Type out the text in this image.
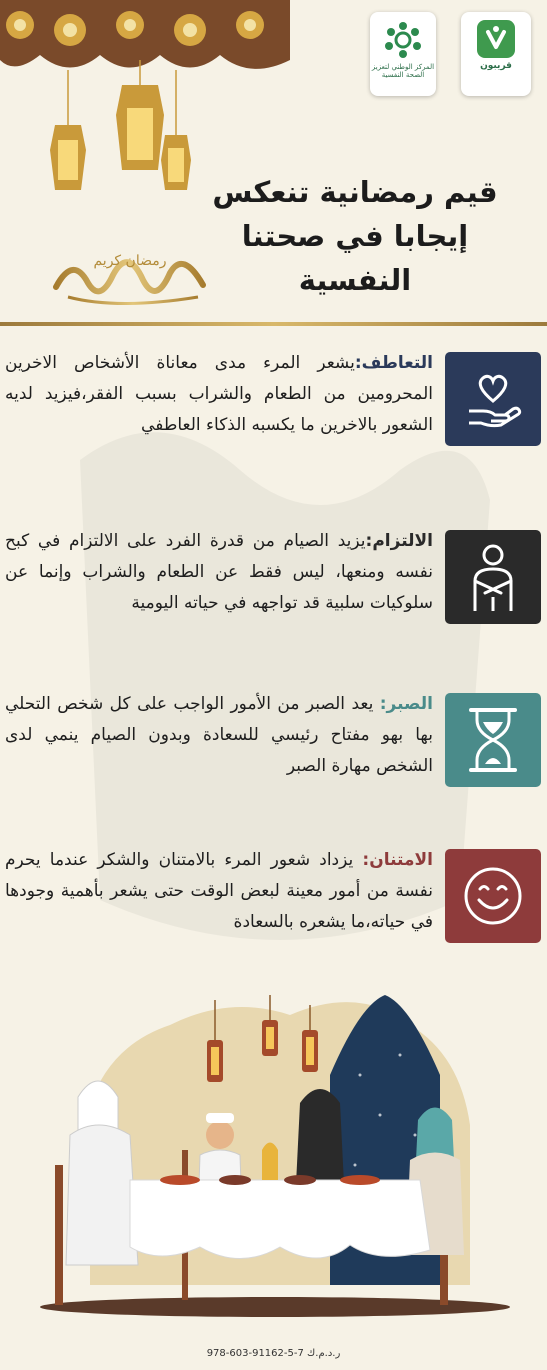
المركز الوطني لتعزيز الصحة النفسية
قريبون
قيم رمضانية تنعكس
إيجابا في صحتنا
النفسية
رمضان كريم
التعاطف:يشعر المرء مدى معاناة الأشخاص الاخرين المحرومين من الطعام والشراب بسبب الفقر،فيزيد لديه الشعور بالاخرين ما يكسبه الذكاء العاطفي
الالتزام:يزيد الصيام من قدرة الفرد على الالتزام في كبح نفسه ومنعها، ليس فقط عن الطعام والشراب وإنما عن سلوكيات سلبية قد تواجهه في حياته اليومية
الصبر: يعد الصبر من الأمور الواجب على كل شخص التحلي بها بهو مفتاح رئيسي للسعادة وبدون الصيام ينمي لدى الشخص مهارة الصبر
الامتنان: يزداد شعور المرء بالامتنان والشكر عندما يحرم نفسة من أمور معينة لبعض الوقت حتى يشعر بأهمية وجودها في حياته،ما يشعره بالسعادة
978-603-91162-5-7 ر.د.م.ك
